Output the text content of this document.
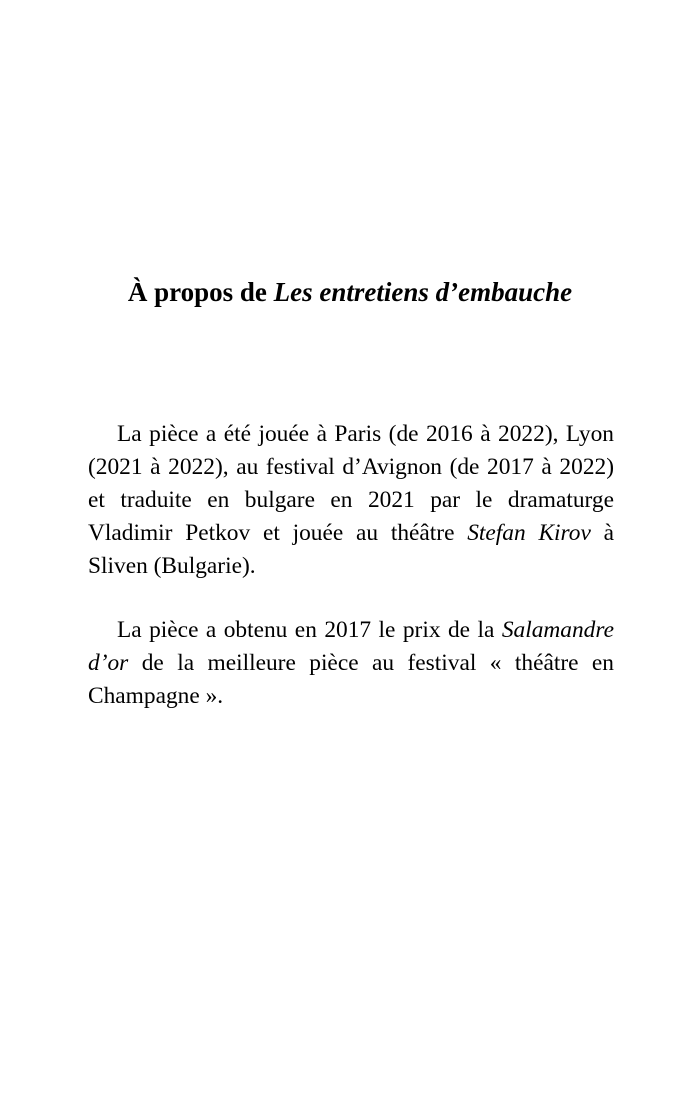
À propos de Les entretiens d’embauche

La pièce a été jouée à Paris (de 2016 à 2022), Lyon (2021 à 2022), au festival d’Avignon (de 2017 à 2022) et traduite en bulgare en 2021 par le dramaturge Vladimir Petkov et jouée au théâtre Stefan Kirov à Sliven (Bulgarie).

La pièce a obtenu en 2017 le prix de la Salamandre d’or de la meilleure pièce au festival « théâtre en Champagne ».
